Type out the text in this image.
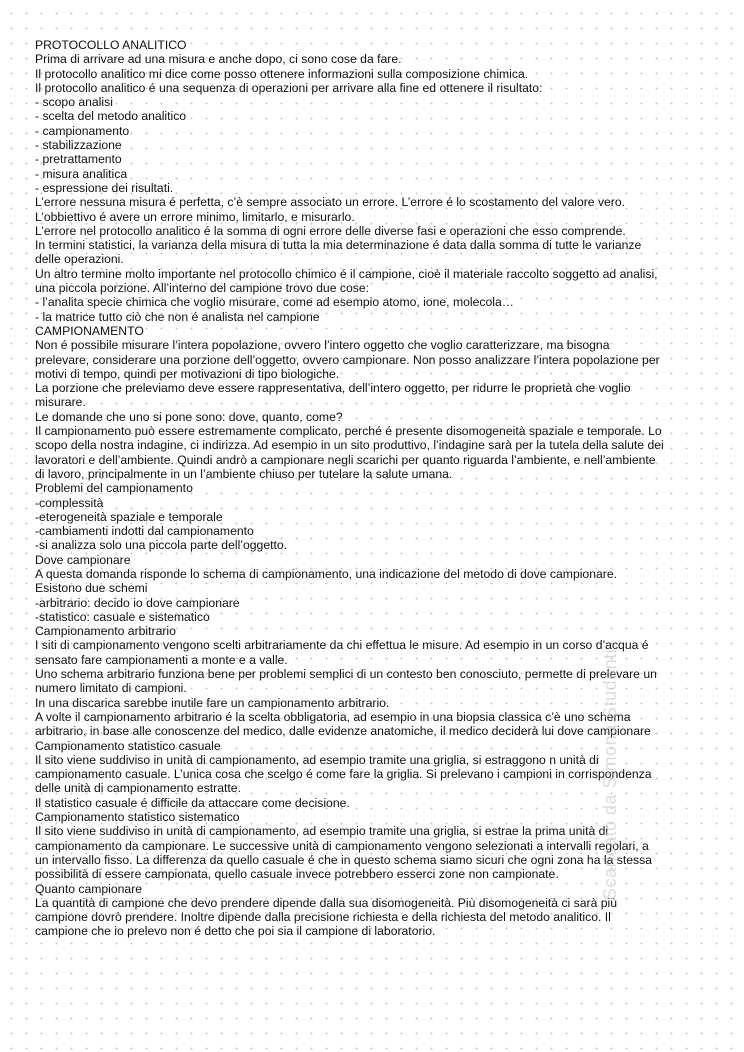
PROTOCOLLO ANALITICO
Prima di arrivare ad una misura e anche dopo, ci sono cose da fare.
Il protocollo analitico mi dice come posso ottenere informazioni sulla composizione chimica.
Il protocollo analitico é una sequenza di operazioni per arrivare alla fine ed ottenere il risultato:
- scopo analisi
- scelta del metodo analitico
- campionamento
- stabilizzazione
- pretrattamento
- misura analitica
- espressione dei risultati.
L’errore nessuna misura é perfetta, c’è sempre associato un errore. L’errore é lo scostamento del valore vero.
L’obbiettivo é avere un errore minimo, limitarlo, e misurarlo.
L’errore nel protocollo analitico é la somma di ogni errore delle diverse fasi e operazioni che esso comprende.
In termini statistici, la varianza della misura di tutta la mia determinazione é data dalla somma di tutte le varianze
delle operazioni.
Un altro termine molto importante nel protocollo chimico é il campione, cioè il materiale raccolto soggetto ad analisi,
una piccola porzione. All’interno del campione trovo due cose:
- l’analita specie chimica che voglio misurare, come ad esempio atomo, ione, molecola…
- la matrice tutto ciò che non é analista nel campione
CAMPIONAMENTO
Non é possibile misurare l’intera popolazione, ovvero l’intero oggetto che voglio caratterizzare, ma bisogna
prelevare, considerare una porzione dell’oggetto, ovvero campionare. Non posso analizzare l’intera popolazione per
motivi di tempo, quindi per motivazioni di tipo biologiche.
La porzione che preleviamo deve essere rappresentativa, dell’intero oggetto, per ridurre le proprietà che voglio
misurare.
Le domande che uno si pone sono: dove, quanto, come?
Il campionamento può essere estremamente complicato, perché é presente disomogeneità spaziale e temporale. Lo
scopo della nostra indagine, ci indirizza. Ad esempio in un sito produttivo, l’indagine sarà per la tutela della salute dei
lavoratori e dell’ambiente. Quindi andrò a campionare negli scarichi per quanto riguarda l’ambiente, e nell’ambiente
di lavoro, principalmente in un l’ambiente chiuso per tutelare la salute umana.
Problemi del campionamento
-complessità
-eterogeneità spaziale e temporale
-cambiamenti indotti dal campionamento
-si analizza solo una piccola parte dell’oggetto.
Dove campionare
A questa domanda risponde lo schema di campionamento, una indicazione del metodo di dove campionare.
Esistono due schemi
-arbitrario: decido io dove campionare
-statistico: casuale e sistematico
Campionamento arbitrario
I siti di campionamento vengono scelti arbitrariamente da chi effettua le misure. Ad esempio in un corso d’acqua é
sensato fare campionamenti a monte e a valle.
Uno schema arbitrario funziona bene per problemi semplici di un contesto ben conosciuto, permette di prelevare un
numero limitato di campioni.
In una discarica sarebbe inutile fare un campionamento arbitrario.
A volte il campionamento arbitrario é la scelta obbligatoria, ad esempio in una biopsia classica c’è uno schema
arbitrario, in base alle conoscenze del medico, dalle evidenze anatomiche, il medico deciderà lui dove campionare
Campionamento statistico casuale
Il sito viene suddiviso in unità di campionamento, ad esempio tramite una griglia, si estraggono n unità di
campionamento casuale. L’unica cosa che scelgo é come fare la griglia. Si prelevano i campioni in corrispondenza
delle unità di campionamento estratte.
Il statistico casuale é difficile da attaccare come decisione.
Campionamento statistico sistematico
Il sito viene suddiviso in unità di campionamento, ad esempio tramite una griglia, si estrae la prima unità di
campionamento da campionare. Le successive unità di campionamento vengono selezionati a intervalli regolari, a
un intervallo fisso. La differenza da quello casuale é che in questo schema siamo sicuri che ogni zona ha la stessa
possibilità di essere campionata, quello casuale invece potrebbero esserci zone non campionate.
Quanto campionare
La quantità di campione che devo prendere dipende dalla sua disomogeneità. Più disomogeneità ci sarà più
campione dovrò prendere. Inoltre dipende dalla precisione richiesta e della richiesta del metodo analitico. Il
campione che io prelevo non é detto che poi sia il campione di laboratorio.
Scaricato da Simona Studenti
